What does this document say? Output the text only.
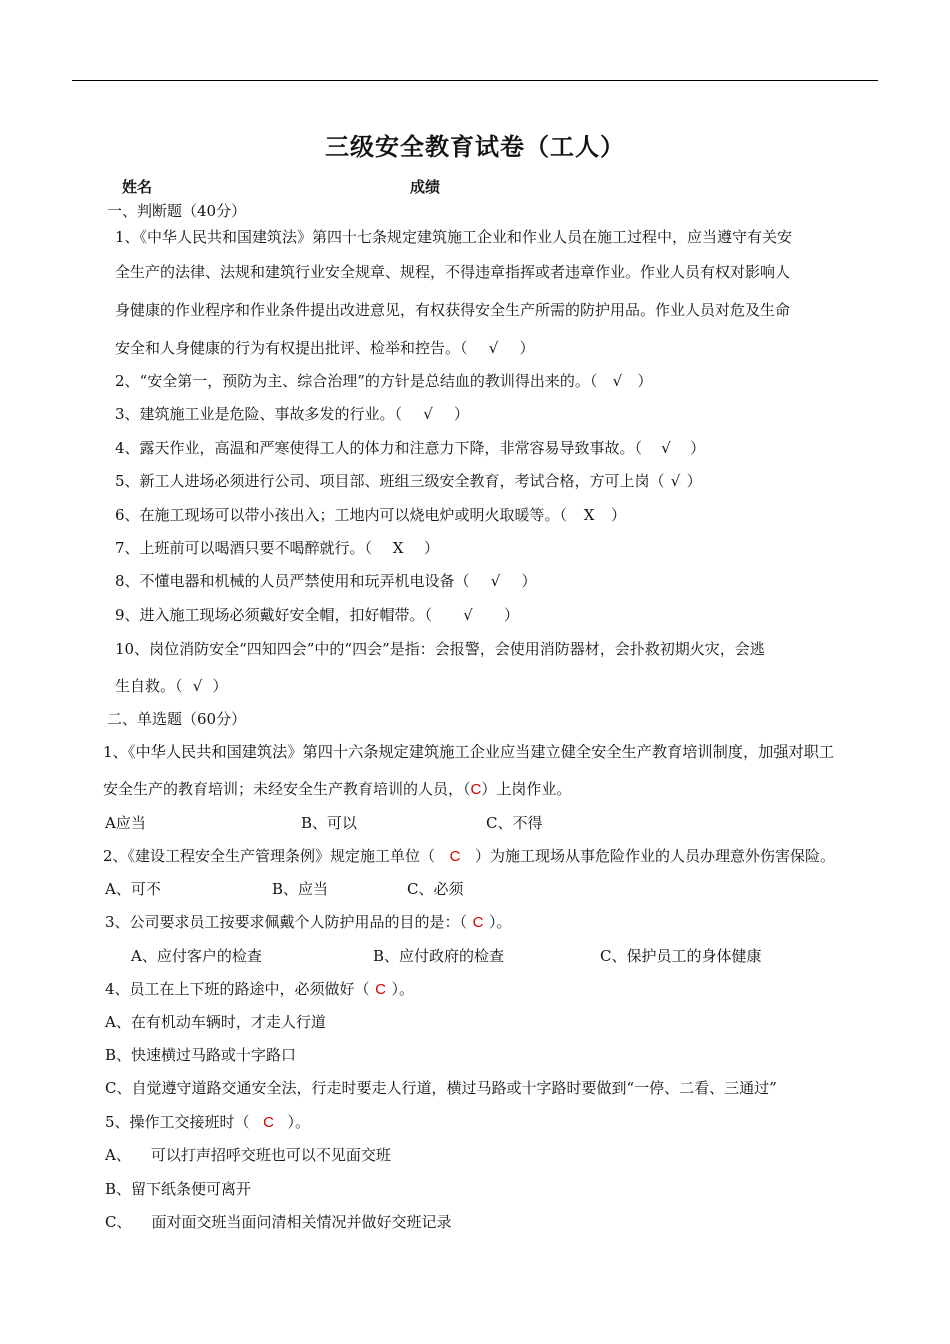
三级安全教育试卷（工人）
姓名	成绩
一、判断题（40分）
1、《中华人民共和国建筑法》第四十七条规定建筑施工企业和作业人员在施工过程中，应当遵守有关安
全生产的法律、法规和建筑行业安全规章、规程，不得违章指挥或者违章作业。作业人员有权对影响人
身健康的作业程序和作业条件提出改进意见，有权获得安全生产所需的防护用品。作业人员对危及生命
安全和人身健康的行为有权提出批评、检举和控告。（ √ ）
2、“安全第一，预防为主、综合治理”的方针是总结血的教训得出来的。（ √ ）
3、建筑施工业是危险、事故多发的行业。（ √ ）
4、露天作业，高温和严寒使得工人的体力和注意力下降，非常容易导致事故。（ √ ）
5、新工人进场必须进行公司、项目部、班组三级安全教育，考试合格，方可上岗（ √ ）
6、在施工现场可以带小孩出入；工地内可以烧电炉或明火取暖等。（ X ）
7、上班前可以喝酒只要不喝醉就行。（ X ）
8、不懂电器和机械的人员严禁使用和玩弄机电设备（ √ ）
9、进入施工现场必须戴好安全帽，扣好帽带。（ √ ）
10、岗位消防安全“四知四会”中的“四会”是指：会报警，会使用消防器材，会扑救初期火灾，会逃
生自救。（ √ ）
二、单选题（60分）
1、《中华人民共和国建筑法》第四十六条规定建筑施工企业应当建立健全安全生产教育培训制度，加强对职工
安全生产的教育培训；未经安全生产教育培训的人员，（C）上岗作业。
A应当	B、可以	C、不得
2、《建设工程安全生产管理条例》规定施工单位（ C ）为施工现场从事危险作业的人员办理意外伤害保险。
A、可不	B、应当	C、必须
3、公司要求员工按要求佩戴个人防护用品的目的是：（ C ）。
A、应付客户的检查	B、应付政府的检查	C、保护员工的身体健康
4、员工在上下班的路途中，必须做好（ C ）。
A、在有机动车辆时，才走人行道
B、快速横过马路或十字路口
C、自觉遵守道路交通安全法，行走时要走人行道，横过马路或十字路时要做到“一停、二看、三通过”
5、操作工交接班时（ C ）。
A、 可以打声招呼交班也可以不见面交班
B、留下纸条便可离开
C、 面对面交班当面问清相关情况并做好交班记录
